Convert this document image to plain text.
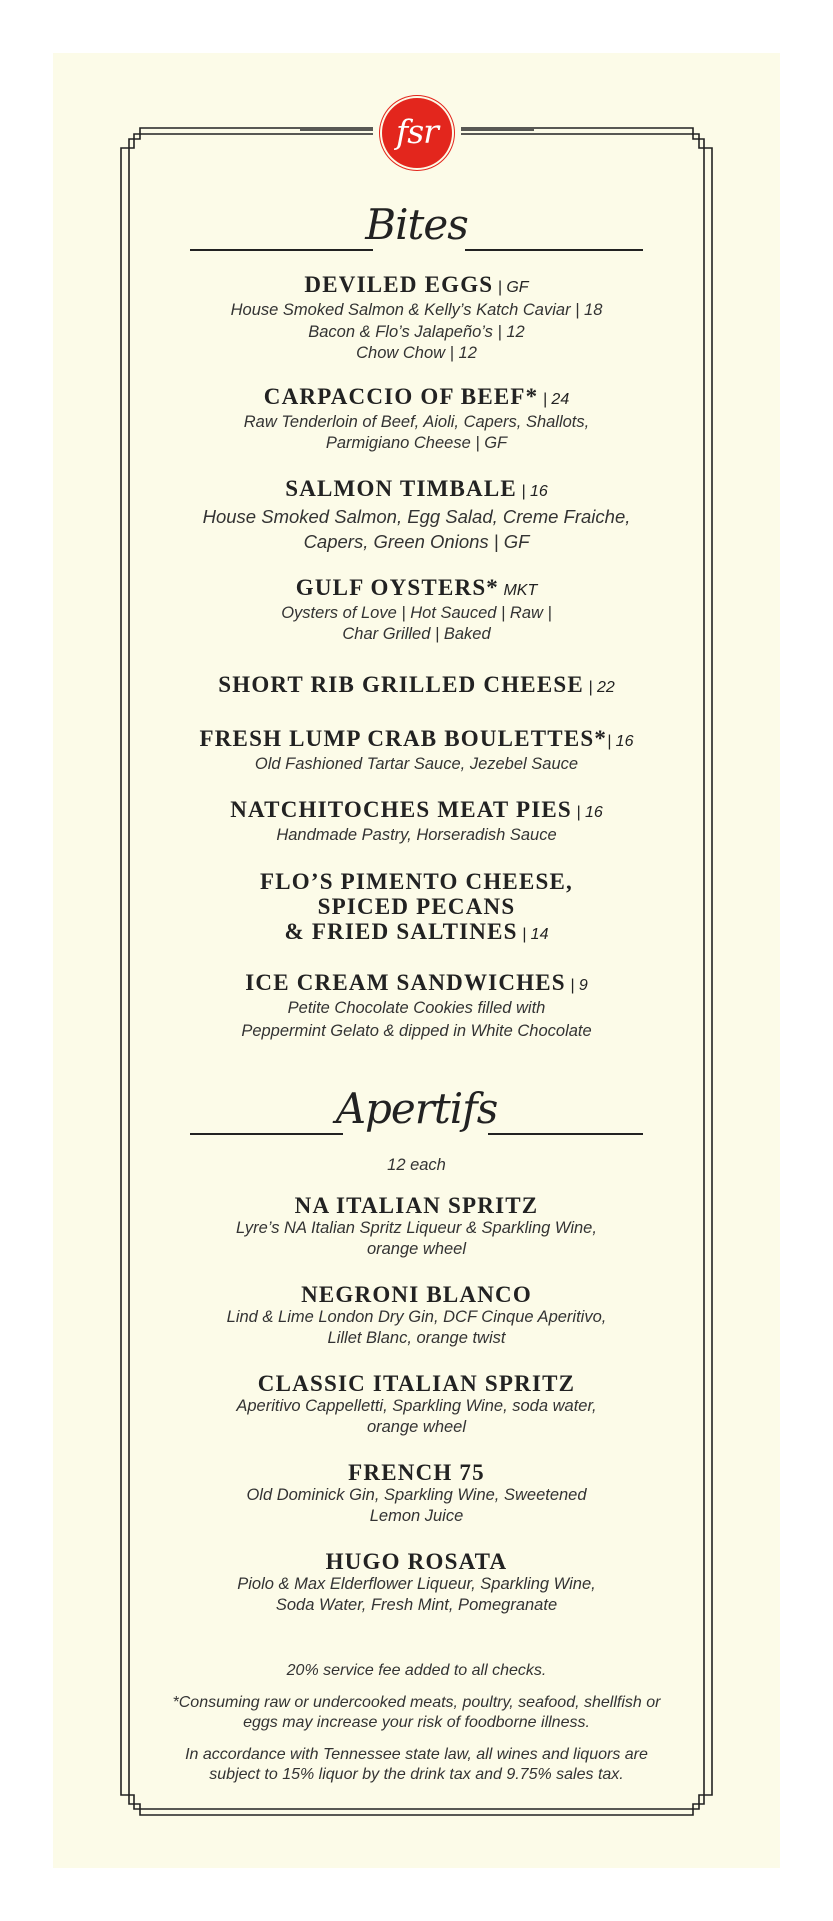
fsr
Bites
DEVILED EGGS | GF
House Smoked Salmon & Kelly’s Katch Caviar | 18
Bacon & Flo’s Jalapeño’s | 12
Chow Chow | 12
CARPACCIO OF BEEF* | 24
Raw Tenderloin of Beef, Aioli, Capers, Shallots,
Parmigiano Cheese | GF
SALMON TIMBALE | 16
House Smoked Salmon, Egg Salad, Creme Fraiche,
Capers, Green Onions | GF
GULF OYSTERS* MKT
Oysters of Love | Hot Sauced | Raw |
Char Grilled | Baked
SHORT RIB GRILLED CHEESE | 22
FRESH LUMP CRAB BOULETTES*| 16
Old Fashioned Tartar Sauce, Jezebel Sauce
NATCHITOCHES MEAT PIES | 16
Handmade Pastry, Horseradish Sauce
FLO’S PIMENTO CHEESE,
SPICED PECANS
& FRIED SALTINES | 14
ICE CREAM SANDWICHES | 9
Petite Chocolate Cookies filled with
Peppermint Gelato & dipped in White Chocolate
Apertifs
12 each
NA ITALIAN SPRITZ
Lyre’s NA Italian Spritz Liqueur & Sparkling Wine,
orange wheel
NEGRONI BLANCO
Lind & Lime London Dry Gin, DCF Cinque Aperitivo,
Lillet Blanc, orange twist
CLASSIC ITALIAN SPRITZ
Aperitivo Cappelletti, Sparkling Wine, soda water,
orange wheel
FRENCH 75
Old Dominick Gin, Sparkling Wine, Sweetened
Lemon Juice
HUGO ROSATA
Piolo & Max Elderflower Liqueur, Sparkling Wine,
Soda Water, Fresh Mint, Pomegranate
20% service fee added to all checks.
*Consuming raw or undercooked meats, poultry, seafood, shellfish or
eggs may increase your risk of foodborne illness.
In accordance with Tennessee state law, all wines and liquors are
subject to 15% liquor by the drink tax and 9.75% sales tax.
